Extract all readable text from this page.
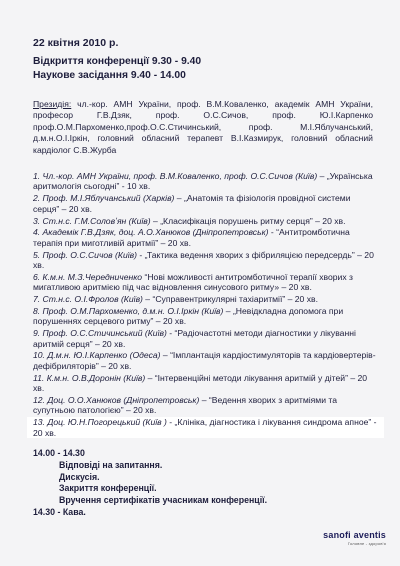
22 квітня 2010 р.
Відкриття конференції 9.30 - 9.40
Наукове засідання 9.40 - 14.00
Президія: чл.-кор. АМН України, проф. В.М.Коваленко, академік АМН України, професор Г.В.Дзяк, проф. О.С.Сичов, проф. Ю.І.Карпенко проф.О.М.Пархоменко,проф.О.С.Стичинський, проф. М.І.Яблучанський, д.м.н.О.І.Іркін, головний обласний терапевт В.І.Казмирук, головний обласний кардіолог С.В.Журба
1. Чл.-кор. АМН України, проф. В.М.Коваленко, проф. О.С.Сичов (Київ) – „Українська аритмологія сьогодні” - 10 хв.
2. Проф. М.І.Яблучанський (Харків) – „Анатомія та фізіологія провідної системи серця” – 20 хв.
3. Ст.н.с. Г.М.Соловʼян (Київ) – „Класифікація порушень ритму серця” – 20 хв.
4. Академік Г.В.Дзяк, доц. А.О.Ханюков (Дніпропетровськ) - “Антитромботична терапія при миготливій аритмії” – 20 хв.
5. Проф. О.С.Сичов (Київ) - „Тактика ведення хворих з фібриляцією передсердь” – 20 хв.
6. К.м.н. М.З.Чередниченко “Нові можливості антитромботичної терапії хворих з мигатливою аритмією під час відновлення синусового ритму» – 20 хв.
7. Ст.н.с. О.І.Фролов (Київ) – “Суправентрикулярні тахіаритмії” – 20 хв.
8. Проф. О.М.Пархоменко, д.м.н. О.І.Іркін (Київ) – „Невідкладна допомога при порушеннях серцевого ритму” – 20 хв.
9. Проф. О.С.Стичинський (Київ) - “Радіочастотні методи діагностики у лікуванні аритмій серця” – 20 хв.
10. Д.м.н. Ю.І.Карпенко (Одеса) – “Імплантація кардіостимуляторів та кардіовертерів-дефібриляторів” – 20 хв.
11. К.м.н. О.В.Доронін (Київ) – “Інтервенційні методи лікування аритмій у дітей” – 20 хв.
12. Доц. О.О.Ханюков (Дніпропетровськ) – “Ведення хворих з аритміями та супутньою патологією” – 20 хв.
13. Доц. Ю.Н.Погорецький (Київ ) - „Клініка, діагностика і лікування синдрома апное” - 20 хв.
14.00 - 14.30
Відповіді на запитання.
Дискусія.
Закриття конференції.
Вручення сертифікатів учасникам конференції.
14.30 - Кава.
sanofi aventis
Головне - здоров'я
